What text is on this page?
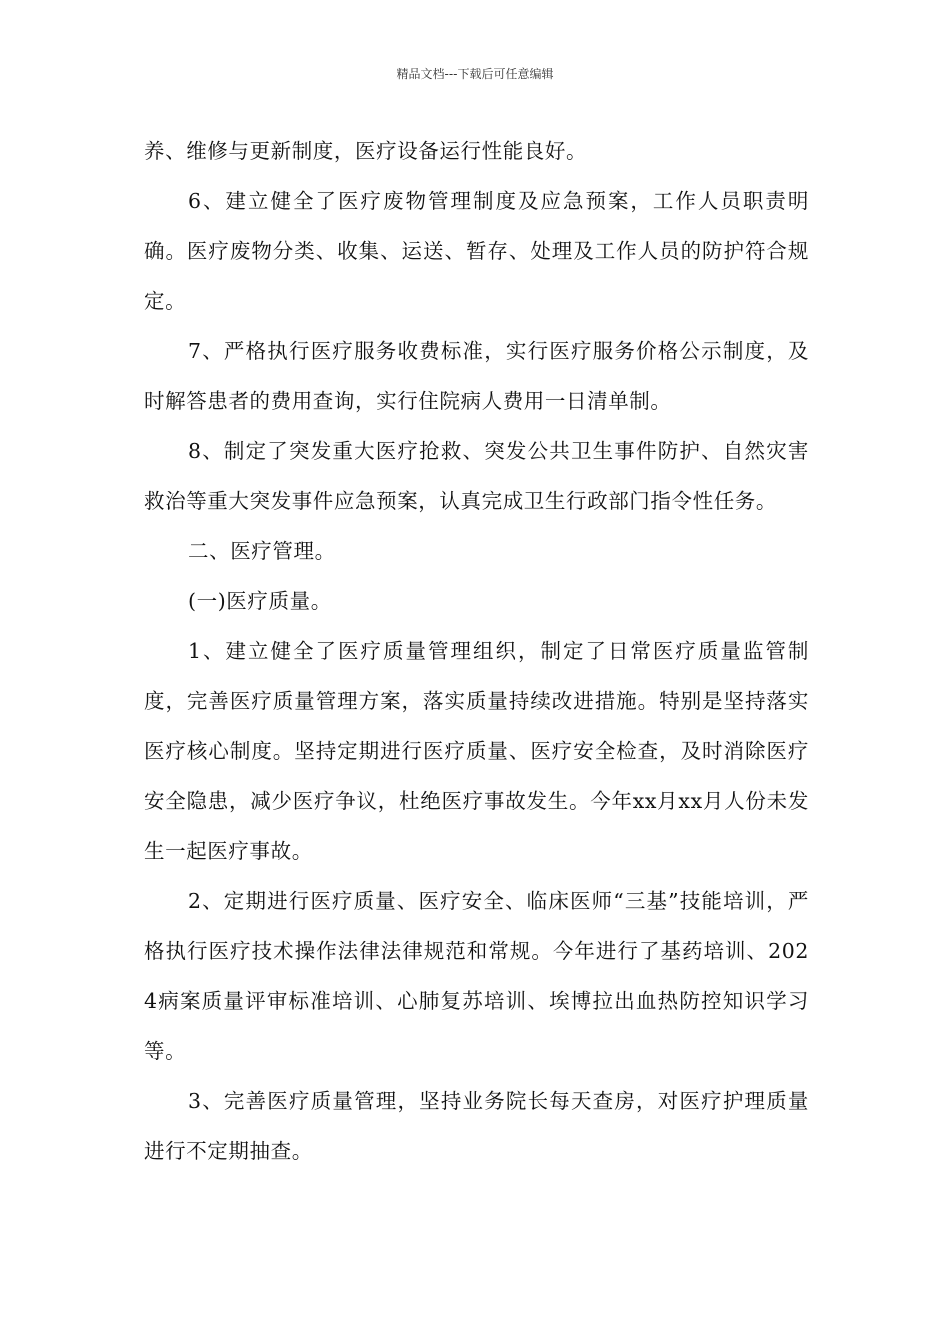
精品文档---下载后可任意编辑

养、维修与更新制度，医疗设备运行性能良好。

6、建立健全了医疗废物管理制度及应急预案，工作人员职责明确。医疗废物分类、收集、运送、暂存、处理及工作人员的防护符合规定。

7、严格执行医疗服务收费标准，实行医疗服务价格公示制度，及时解答患者的费用查询，实行住院病人费用一日清单制。

8、制定了突发重大医疗抢救、突发公共卫生事件防护、自然灾害救治等重大突发事件应急预案，认真完成卫生行政部门指令性任务。

二、医疗管理。

(一)医疗质量。

1、建立健全了医疗质量管理组织，制定了日常医疗质量监管制度，完善医疗质量管理方案，落实质量持续改进措施。特别是坚持落实医疗核心制度。坚持定期进行医疗质量、医疗安全检查，及时消除医疗安全隐患，减少医疗争议，杜绝医疗事故发生。今年xx月xx月人份未发生一起医疗事故。

2、定期进行医疗质量、医疗安全、临床医师“三基”技能培训，严格执行医疗技术操作法律法律规范和常规。今年进行了基药培训、2024病案质量评审标准培训、心肺复苏培训、埃博拉出血热防控知识学习等。

3、完善医疗质量管理，坚持业务院长每天查房，对医疗护理质量进行不定期抽查。
